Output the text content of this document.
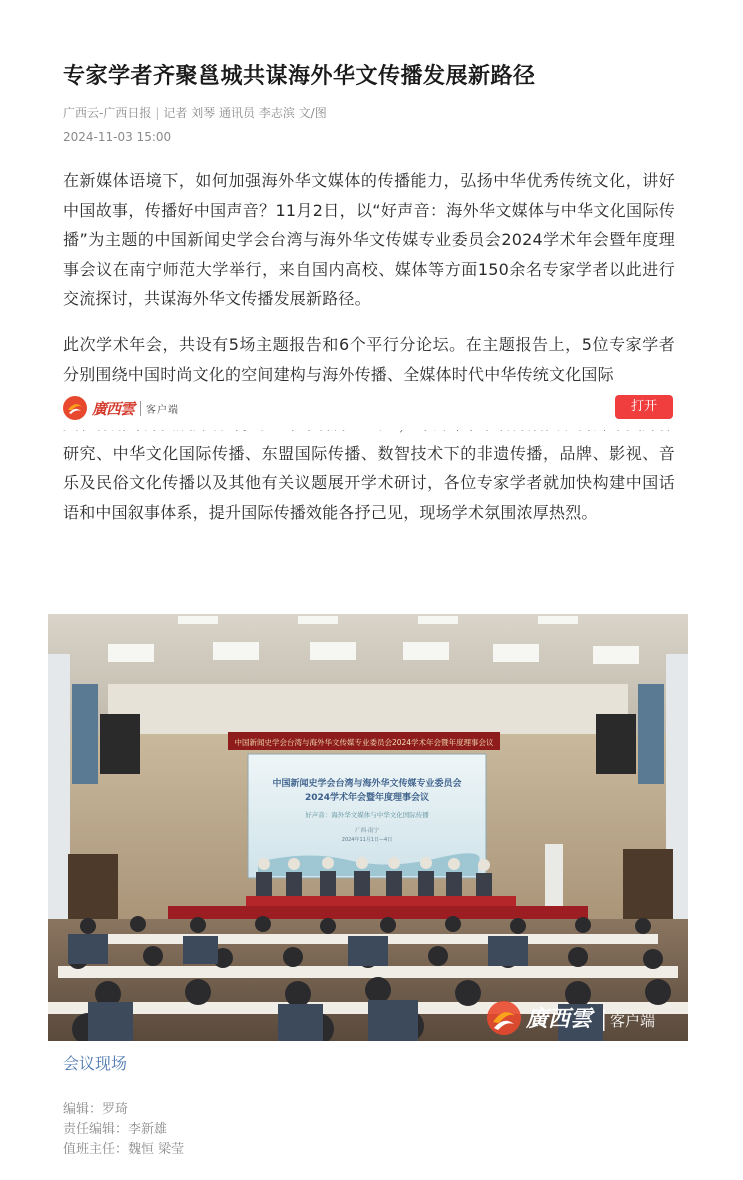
专家学者齐聚邕城共谋海外华文传播发展新路径
广西云-广西日报 | 记者 刘琴 通讯员 李志滨 文/图
2024-11-03 15:00

在新媒体语境下，如何加强海外华文媒体的传播能力，弘扬中华优秀传统文化，讲好中国故事，传播好中国声音？11月2日，以“好声音：海外华文媒体与中华文化国际传播”为主题的中国新闻史学会台湾与海外华文传媒专业委员会2024学术年会暨年度理事会议在南宁师范大学举行，来自国内高校、媒体等方面150余名专家学者以此进行交流探讨，共谋海外华文传播发展新路径。

此次学术年会，共设有5场主题报告和6个平行分论坛。在主题报告上，5位专家学者分别围绕中国时尚文化的空间建构与海外传播、全媒体时代中华传统文化国际
研究、中华文化国际传播、东盟国际传播、数智技术下的非遗传播，品牌、影视、音乐及民俗文化传播以及其他有关议题展开学术研讨，各位专家学者就加快构建中国话语和中国叙事体系，提升国际传播效能各抒己见，现场学术氛围浓厚热烈。
廣西雲	客户端	打开
中国新闻史学会台湾与海外华文传媒专业委员会2024学术年会暨年度理事会议
中国新闻史学会台湾与海外华文传媒专业委员会
2024学术年会暨年度理事会议
好声音：海外华文媒体与中华文化国际传播
广西·南宁
2024年11月1日—4日
廣西雲 客户端
会议现场
编辑：罗琦
责任编辑：李新雄
值班主任：魏恒 梁莹
